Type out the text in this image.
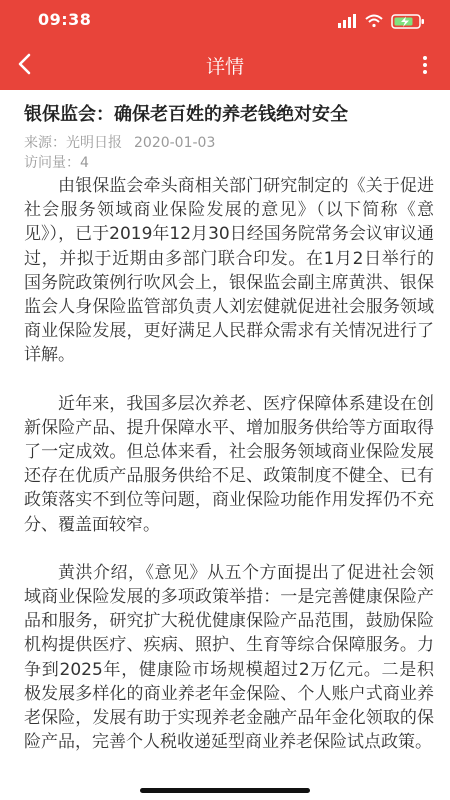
09:38
详情
银保监会：确保老百姓的养老钱绝对安全
来源：光明日报 2020-01-03
访问量：4

由银保监会牵头商相关部门研究制定的《关于促进社会服务领域商业保险发展的意见》（以下简称《意见》），已于2019年12月30日经国务院常务会议审议通过，并拟于近期由多部门联合印发。在1月2日举行的国务院政策例行吹风会上，银保监会副主席黄洪、银保监会人身保险监管部负责人刘宏健就促进社会服务领域商业保险发展，更好满足人民群众需求有关情况进行了详解。

近年来，我国多层次养老、医疗保障体系建设在创新保险产品、提升保障水平、增加服务供给等方面取得了一定成效。但总体来看，社会服务领域商业保险发展还存在优质产品服务供给不足、政策制度不健全、已有政策落实不到位等问题，商业保险功能作用发挥仍不充分、覆盖面较窄。

黄洪介绍，《意见》从五个方面提出了促进社会领域商业保险发展的多项政策举措：一是完善健康保险产品和服务，研究扩大税优健康保险产品范围，鼓励保险机构提供医疗、疾病、照护、生育等综合保障服务。力争到2025年，健康险市场规模超过2万亿元。二是积极发展多样化的商业养老年金保险、个人账户式商业养老保险，发展有助于实现养老金融产品年金化领取的保险产品，完善个人税收递延型商业养老保险试点政策。
